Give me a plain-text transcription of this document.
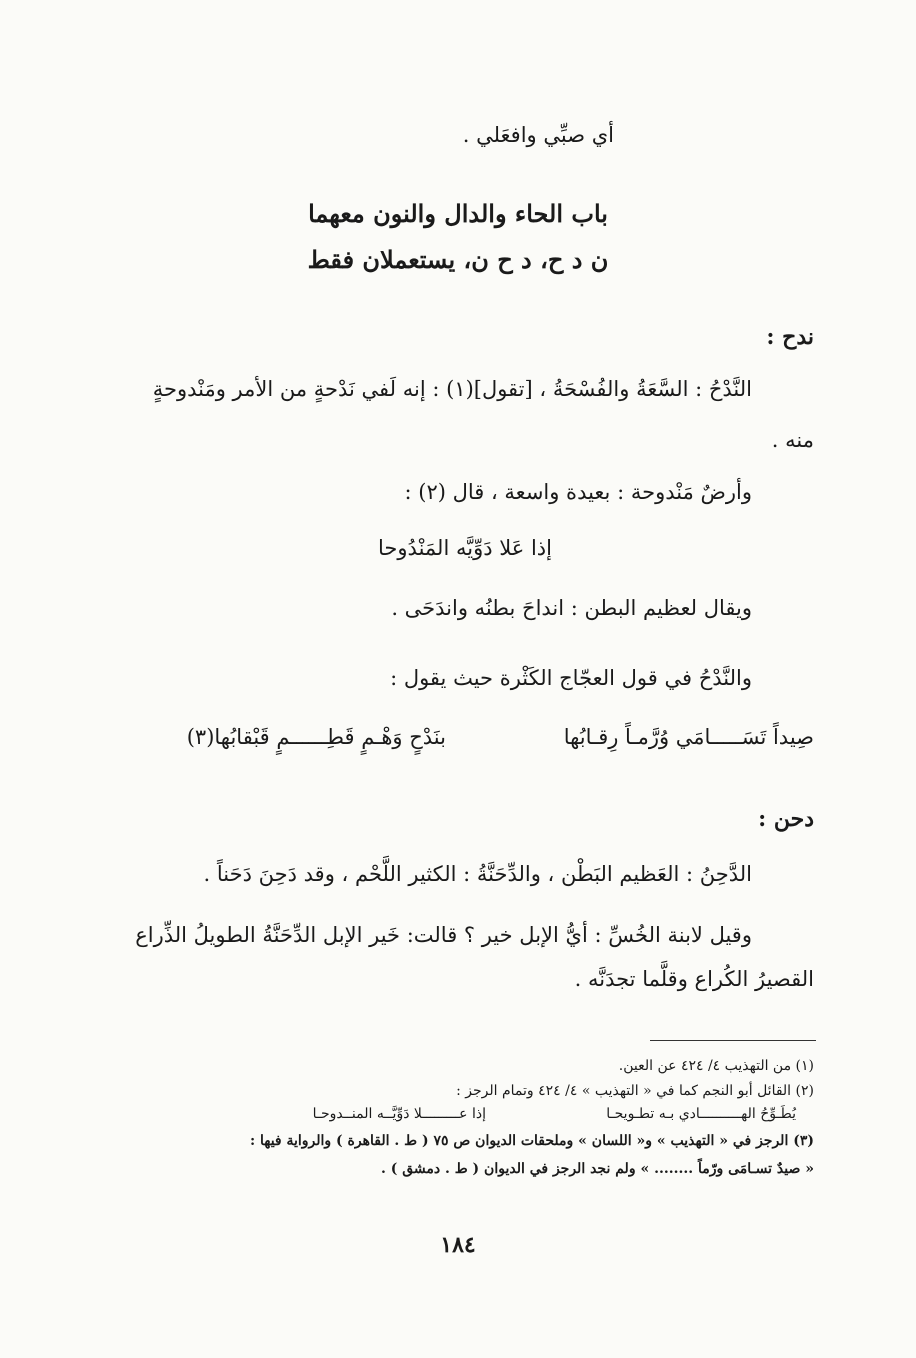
أي صبِّي وافعَلي .

باب الحاء والدال والنون معهما

ن د ح، د ح ن، يستعملان فقط

ندح :

النَّدْحُ : السَّعَةُ والفُسْحَةُ ، [تقول](١) : إنه لَفي نَدْحةٍ من الأمر ومَنْدوحةٍ

منه .

وأرضٌ مَنْدوحة : بعيدة واسعة ، قال (٢) :

إذا عَلا دَوِّيَّه المَنْدُوحا

ويقال لعظيم البطن : انداحَ بطنُه واندَحَى .

والنَّدْحُ في قول العجّاج الكَثْرة حيث يقول :

صِيداً تَسَـــــامَي وُرَّمـاً رِقـابُها
بنَدْحٍ وَهْـمٍ قَطِــــــمٍ قَبْقابُها(٣)

دحن :

الدَّحِنُ : العَظيم البَطْن ، والدِّحَنَّةُ : الكثير اللَّحْم ، وقد دَحِنَ دَحَناً .

وقيل لابنة الخُسِّ : أيُّ الإبل خير ؟ قالت: خَير الإبل الدِّحَنَّةُ الطويلُ الذِّراع

القصيرُ الكُراع وقلَّما تجدَنَّه .

(١) من التهذيب ٤/ ٤٢٤ عن العين.

(٢) القائل أبو النجم كما في « التهذيب » ٤/ ٤٢٤ وتمام الرجز :

يُطَـوِّحُ الهــــــــــادي بـه تطـويحـا
إذا عـــــــــلا دَوِّيَّــه المنــدوحـا

(٣) الرجز في « التهذيب » و« اللسان » وملحقات الديوان ص ٧٥ ( ط . القاهرة ) والرواية فيها :

« صيدٌ تسـامَى ورّماً ........ » ولم نجد الرجز في الديوان ( ط . دمشق ) .

١٨٤
